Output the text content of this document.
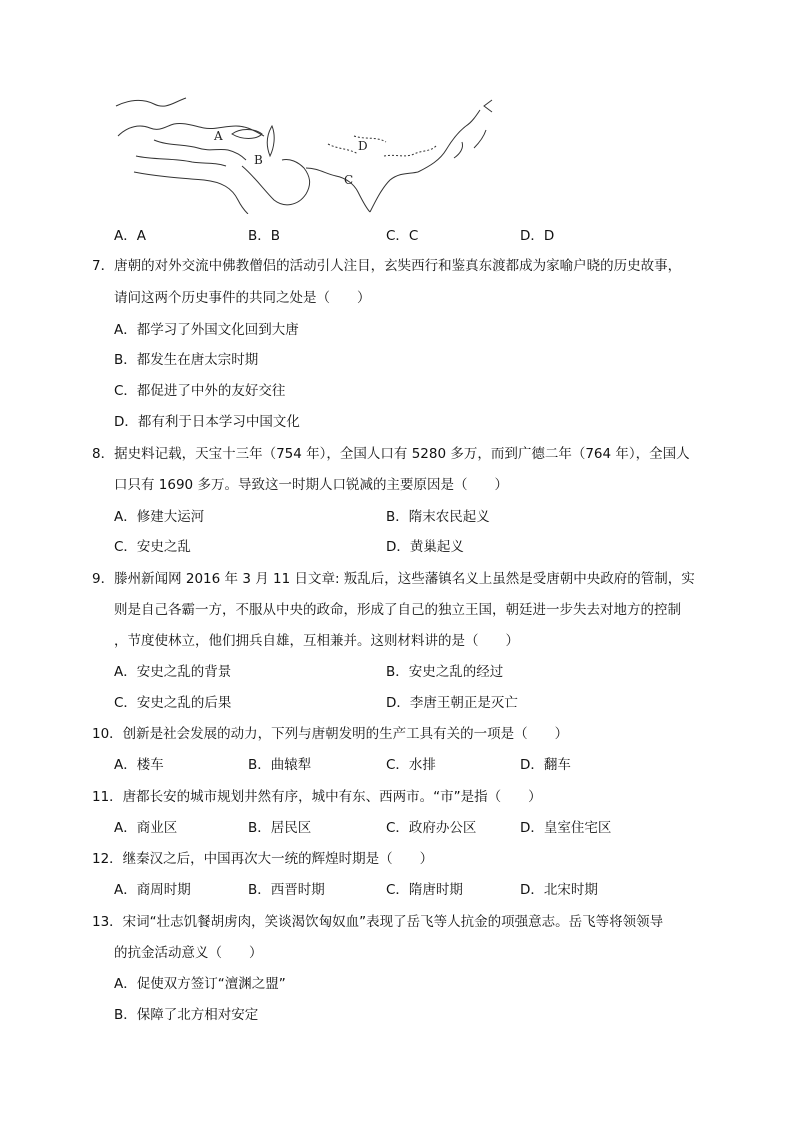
A
B
C
D
A．A	B．B	C．C	D．D
7．唐朝的对外交流中佛教僧侣的活动引人注目，玄奘西行和鉴真东渡都成为家喻户晓的历史故事，
请问这两个历史事件的共同之处是（　　）
A．都学习了外国文化回到大唐
B．都发生在唐太宗时期
C．都促进了中外的友好交往
D．都有利于日本学习中国文化
8．据史料记载，天宝十三年（754 年），全国人口有 5280 多万，而到广德二年（764 年），全国人
口只有 1690 多万。导致这一时期人口锐减的主要原因是（　　）
A．修建大运河	B．隋末农民起义
C．安史之乱	D．黄巢起义
9．滕州新闻网 2016 年 3 月 11 日文章: 叛乱后，这些藩镇名义上虽然是受唐朝中央政府的管制，实
则是自己各霸一方，不服从中央的政命，形成了自己的独立王国，朝廷进一步失去对地方的控制
，节度使林立，他们拥兵自雄，互相兼并。这则材料讲的是（　　）
A．安史之乱的背景	B．安史之乱的经过
C．安史之乱的后果	D．李唐王朝正是灭亡
10．创新是社会发展的动力，下列与唐朝发明的生产工具有关的一项是（　　）
A．楼车	B．曲辕犁	C．水排	D．翻车
11．唐都长安的城市规划井然有序，城中有东、西两市。“市”是指（　　）
A．商业区	B．居民区	C．政府办公区	D．皇室住宅区
12．继秦汉之后，中国再次大一统的辉煌时期是（　　）
A．商周时期	B．西晋时期	C．隋唐时期	D．北宋时期
13．宋词“壮志饥餐胡虏肉，笑谈渴饮匈奴血”表现了岳飞等人抗金的项强意志。岳飞等将领领导
的抗金活动意义（　　）
A．促使双方签订“澶渊之盟”
B．保障了北方相对安定
